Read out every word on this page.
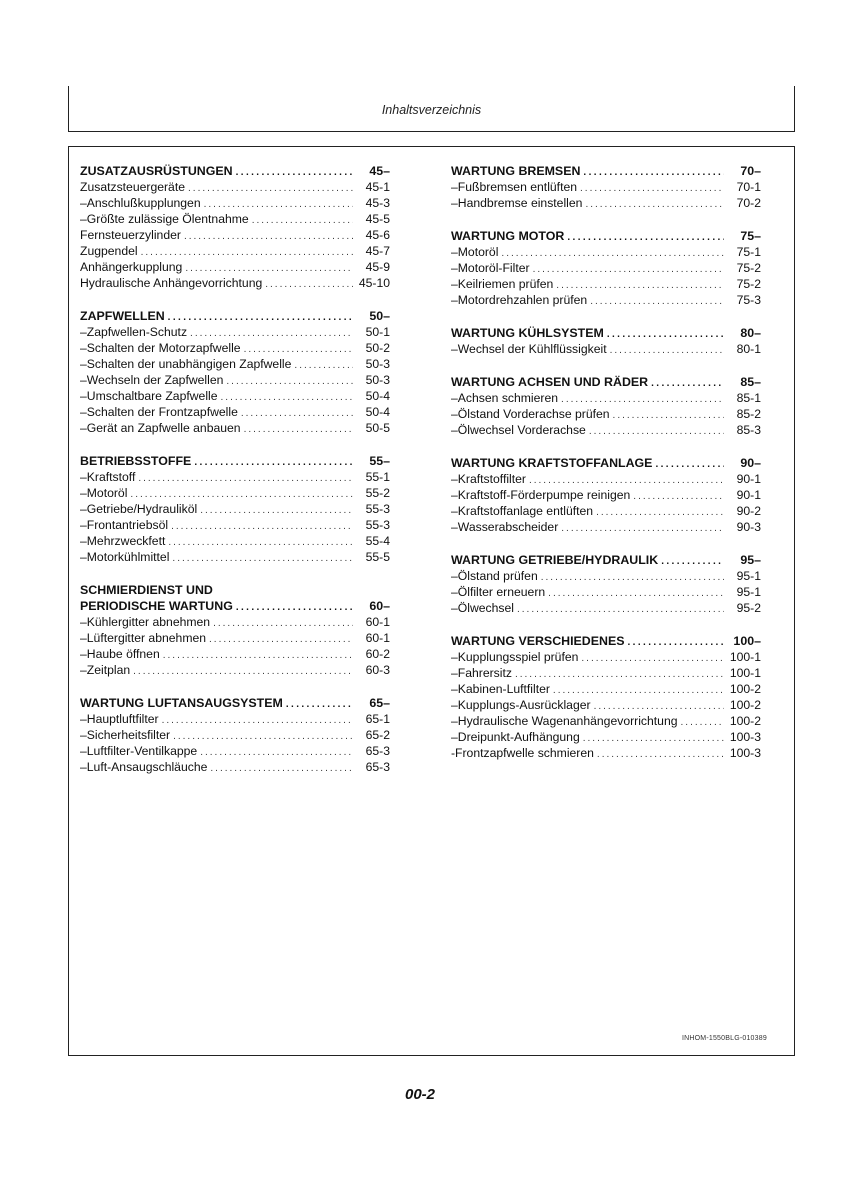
Inhaltsverzeichnis
ZUSATZAUSRÜSTUNGEN .....	45–
Zusatzsteuergeräte .....	45-1
–Anschlußkupplungen .....	45-3
–Größte zulässige Ölentnahme .....	45-5
Fernsteuerzylinder .....	45-6
Zugpendel .....	45-7
Anhängerkupplung .....	45-9
Hydraulische Anhängevorrichtung .....	45-10
ZAPFWELLEN .....	50–
–Zapfwellen-Schutz .....	50-1
–Schalten der Motorzapfwelle .....	50-2
–Schalten der unabhängigen Zapfwelle .....	50-3
–Wechseln der Zapfwellen .....	50-3
–Umschaltbare Zapfwelle .....	50-4
–Schalten der Frontzapfwelle .....	50-4
–Gerät an Zapfwelle anbauen .....	50-5
BETRIEBSSTOFFE .....	55–
–Kraftstoff .....	55-1
–Motoröl .....	55-2
–Getriebe/Hydrauliköl .....	55-3
–Frontantriebsöl .....	55-3
–Mehrzweckfett .....	55-4
–Motorkühlmittel .....	55-5
SCHMIERDIENST UND
PERIODISCHE WARTUNG .....	60–
–Kühlergitter abnehmen .....	60-1
–Lüftergitter abnehmen .....	60-1
–Haube öffnen .....	60-2
–Zeitplan .....	60-3
WARTUNG LUFTANSAUGSYSTEM .....	65–
–Hauptluftfilter .....	65-1
–Sicherheitsfilter .....	65-2
–Luftfilter-Ventilkappe .....	65-3
–Luft-Ansaugschläuche .....	65-3
WARTUNG BREMSEN .....	70–
–Fußbremsen entlüften .....	70-1
–Handbremse einstellen .....	70-2
WARTUNG MOTOR .....	75–
–Motoröl .....	75-1
–Motoröl-Filter .....	75-2
–Keilriemen prüfen .....	75-2
–Motordrehzahlen prüfen .....	75-3
WARTUNG KÜHLSYSTEM .....	80–
–Wechsel der Kühlflüssigkeit .....	80-1
WARTUNG ACHSEN UND RÄDER .....	85–
–Achsen schmieren .....	85-1
–Ölstand Vorderachse prüfen .....	85-2
–Ölwechsel Vorderachse .....	85-3
WARTUNG KRAFTSTOFFANLAGE .....	90–
–Kraftstoffilter .....	90-1
–Kraftstoff-Förderpumpe reinigen .....	90-1
–Kraftstoffanlage entlüften .....	90-2
–Wasserabscheider .....	90-3
WARTUNG GETRIEBE/HYDRAULIK .....	95–
–Ölstand prüfen .....	95-1
–Ölfilter erneuern .....	95-1
–Ölwechsel .....	95-2
WARTUNG VERSCHIEDENES .....	100–
–Kupplungsspiel prüfen .....	100-1
–Fahrersitz .....	100-1
–Kabinen-Luftfilter .....	100-2
–Kupplungs-Ausrücklager .....	100-2
–Hydraulische Wagenanhängevorrichtung .....	100-2
–Dreipunkt-Aufhängung .....	100-3
-Frontzapfwelle schmieren .....	100-3
INHOM-1550BLG-010389
00-2
